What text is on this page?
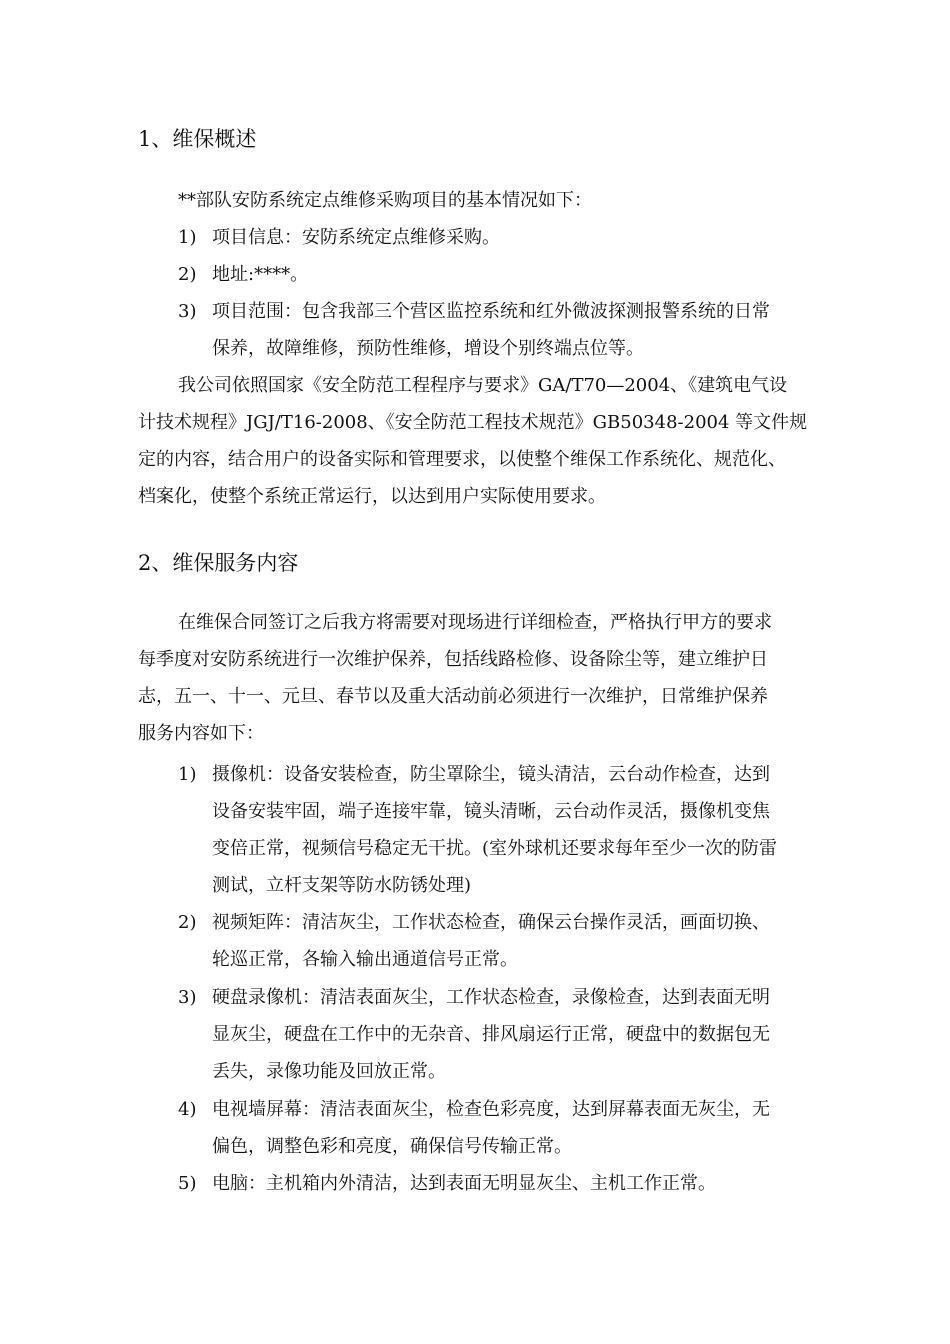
1、维保概述
**部队安防系统定点维修采购项目的基本情况如下：
1) 项目信息：安防系统定点维修采购。
2) 地址:****。
3) 项目范围：包含我部三个营区监控系统和红外微波探测报警系统的日常
保养，故障维修，预防性维修，增设个别终端点位等。
我公司依照国家《安全防范工程程序与要求》GA/T70—2004、《建筑电气设
计技术规程》JGJ/T16-2008、《安全防范工程技术规范》GB50348-2004 等文件规
定的内容，结合用户的设备实际和管理要求，以使整个维保工作系统化、规范化、
档案化，使整个系统正常运行，以达到用户实际使用要求。
2、维保服务内容
在维保合同签订之后我方将需要对现场进行详细检查，严格执行甲方的要求
每季度对安防系统进行一次维护保养，包括线路检修、设备除尘等，建立维护日
志，五一、十一、元旦、春节以及重大活动前必须进行一次维护，日常维护保养
服务内容如下：
1) 摄像机：设备安装检查，防尘罩除尘，镜头清洁，云台动作检查，达到
设备安装牢固，端子连接牢靠，镜头清晰，云台动作灵活，摄像机变焦
变倍正常，视频信号稳定无干扰。(室外球机还要求每年至少一次的防雷
测试，立杆支架等防水防锈处理)
2) 视频矩阵：清洁灰尘，工作状态检查，确保云台操作灵活，画面切换、
轮巡正常，各输入输出通道信号正常。
3) 硬盘录像机：清洁表面灰尘，工作状态检查，录像检查，达到表面无明
显灰尘，硬盘在工作中的无杂音、排风扇运行正常，硬盘中的数据包无
丢失，录像功能及回放正常。
4) 电视墙屏幕：清洁表面灰尘，检查色彩亮度，达到屏幕表面无灰尘，无
偏色，调整色彩和亮度，确保信号传输正常。
5) 电脑：主机箱内外清洁，达到表面无明显灰尘、主机工作正常。
